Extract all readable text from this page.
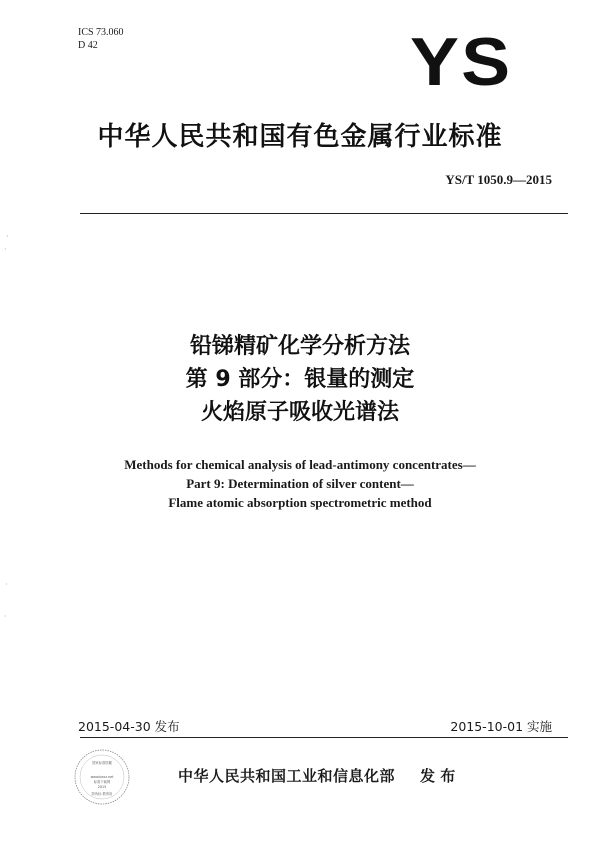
ICS 73.060
D 42	YS
中华人民共和国有色金属行业标准
YS/T 1050.9—2015
铅锑精矿化学分析方法
第 9 部分：银量的测定
火焰原子吸收光谱法
Methods for chemical analysis of lead-antimony concentrates—
Part 9: Determination of silver content—
Flame atomic absorption spectrometric method
2015-04-30 发布	2015-10-01 实施
国家标准馆藏
www.bzxz.net
标准下载网
2015
防伪标 教育用
中华人民共和国工业和信息化部 发 布
·
·
·
·
